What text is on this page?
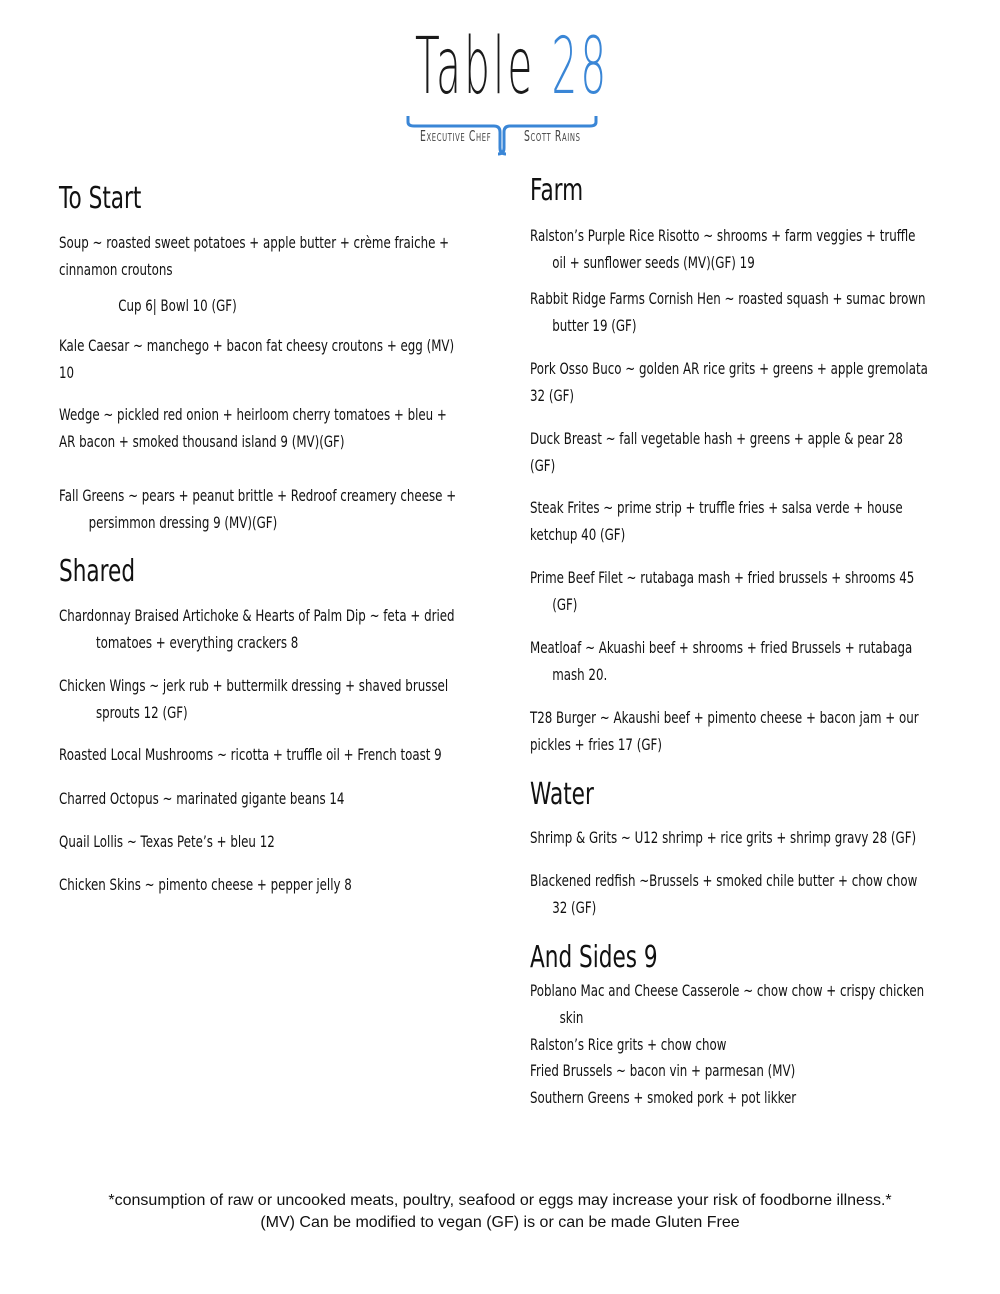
Table 28
Executive Chef Scott Rains
To Start
Soup ~ roasted sweet potatoes + apple butter + crème fraiche +
cinnamon croutons
Cup 6| Bowl 10 (GF)
Kale Caesar ~ manchego + bacon fat cheesy croutons + egg (MV)
10
Wedge ~ pickled red onion + heirloom cherry tomatoes + bleu +
AR bacon + smoked thousand island 9 (MV)(GF)
Fall Greens ~ pears + peanut brittle + Redroof creamery cheese +
persimmon dressing 9 (MV)(GF)
Shared
Chardonnay Braised Artichoke & Hearts of Palm Dip ~ feta + dried
tomatoes + everything crackers 8
Chicken Wings ~ jerk rub + buttermilk dressing + shaved brussel
sprouts 12 (GF)
Roasted Local Mushrooms ~ ricotta + truffle oil + French toast 9
Charred Octopus ~ marinated gigante beans 14
Quail Lollis ~ Texas Pete’s + bleu 12
Chicken Skins ~ pimento cheese + pepper jelly 8
Farm
Ralston’s Purple Rice Risotto ~ shrooms + farm veggies + truffle
oil + sunflower seeds (MV)(GF) 19
Rabbit Ridge Farms Cornish Hen ~ roasted squash + sumac brown
butter 19 (GF)
Pork Osso Buco ~ golden AR rice grits + greens + apple gremolata
32 (GF)
Duck Breast ~ fall vegetable hash + greens + apple & pear 28
(GF)
Steak Frites ~ prime strip + truffle fries + salsa verde + house
ketchup 40 (GF)
Prime Beef Filet ~ rutabaga mash + fried brussels + shrooms 45
(GF)
Meatloaf ~ Akuashi beef + shrooms + fried Brussels + rutabaga
mash 20.
T28 Burger ~ Akaushi beef + pimento cheese + bacon jam + our
pickles + fries 17 (GF)
Water
Shrimp & Grits ~ U12 shrimp + rice grits + shrimp gravy 28 (GF)
Blackened redfish ~Brussels + smoked chile butter + chow chow
32 (GF)
And Sides 9
Poblano Mac and Cheese Casserole ~ chow chow + crispy chicken
skin
Ralston’s Rice grits + chow chow
Fried Brussels ~ bacon vin + parmesan (MV)
Southern Greens + smoked pork + pot likker
*consumption of raw or uncooked meats, poultry, seafood or eggs may increase your risk of foodborne illness.*
(MV) Can be modified to vegan (GF) is or can be made Gluten Free
